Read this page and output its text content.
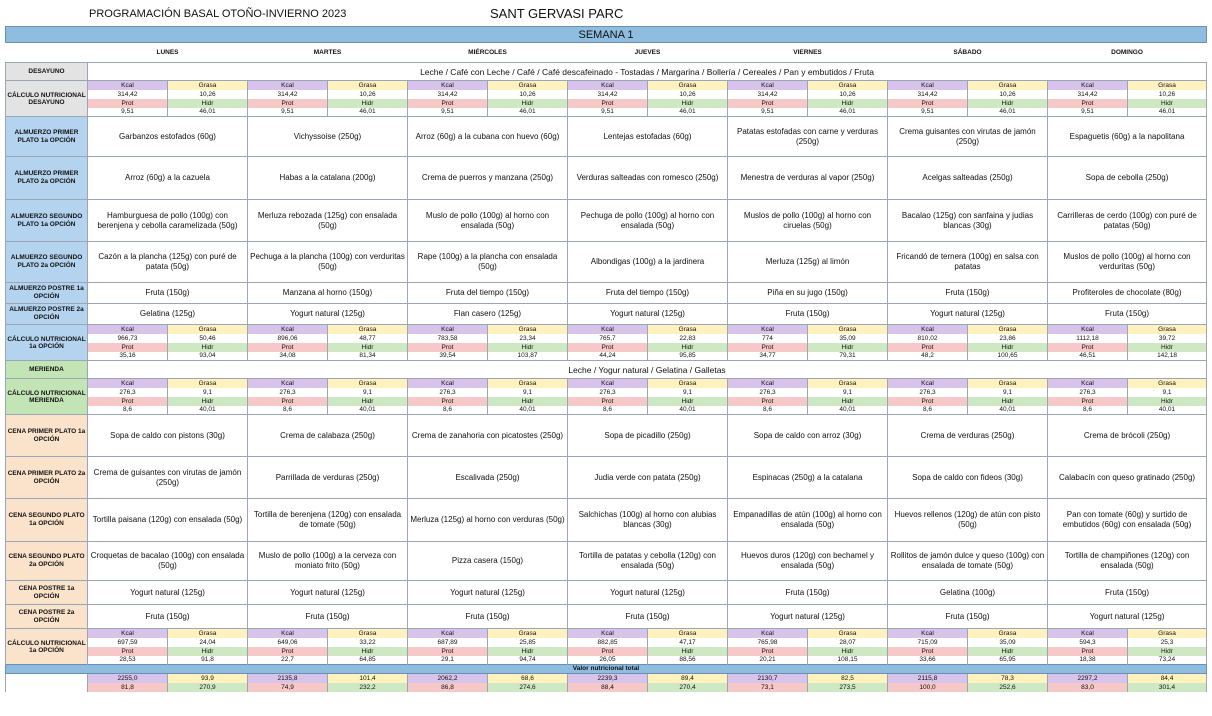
PROGRAMACIÓN BASAL OTOÑO-INVIERNO 2023	SANT GERVASI PARC
SEMANA 1														
	LUNES		MARTES		MIÉRCOLES		JUEVES		VIERNES		SÁBADO		DOMINGO	
DESAYUNO	Leche / Café con Leche / Café / Café descafeinado - Tostadas / Margarina / Bollería / Cereales / Pan y embutidos / Fruta													
CÁLCULO NUTRICIONAL DESAYUNO	Kcal	Grasa	Kcal	Grasa	Kcal	Grasa	Kcal	Grasa	Kcal	Grasa	Kcal	Grasa	Kcal	Grasa
	314,42	10,26	314,42	10,26	314,42	10,26	314,42	10,26	314,42	10,26	314,42	10,26	314,42	10,26
	Prot	Hidr	Prot	Hidr	Prot	Hidr	Prot	Hidr	Prot	Hidr	Prot	Hidr	Prot	Hidr
	9,51	46,01	9,51	46,01	9,51	46,01	9,51	46,01	9,51	46,01	9,51	46,01	9,51	46,01
ALMUERZO PRIMER PLATO 1a OPCIÓN	Garbanzos estofados (60g)		Vichyssoise (250g)		Arroz (60g) a la cubana con huevo (60g)		Lentejas estofadas (60g)		Patatas estofadas con carne y verduras (250g)		Crema guisantes con virutas de jamón (250g)		Espaguetis (60g) a la napolitana	
ALMUERZO PRIMER PLATO 2a OPCIÓN	Arroz (60g) a la cazuela		Habas a la catalana (200g)		Crema de puerros y manzana (250g)		Verduras salteadas con romesco (250g)		Menestra de verduras al vapor (250g)		Acelgas salteadas (250g)		Sopa de cebolla (250g)	
ALMUERZO SEGUNDO PLATO 1a OPCIÓN	Hamburguesa de pollo (100g) con berenjena y cebolla caramelizada (50g)		Merluza rebozada (125g) con ensalada (50g)		Muslo de pollo (100g) al horno con ensalada (50g)		Pechuga de pollo (100g) al horno con ensalada (50g)		Muslos de pollo (100g) al horno con ciruelas (50g)		Bacalao (125g) con sanfaina y judias blancas (30g)		Carrilleras de cerdo (100g) con puré de patatas (50g)	
ALMUERZO SEGUNDO PLATO 2a OPCIÓN	Cazón a la plancha (125g) con puré de patata (50g)		Pechuga a la plancha (100g) con verduritas (50g)		Rape (100g) a la plancha con ensalada (50g)		Albondigas (100g) a la jardinera		Merluza (125g) al limón		Fricandó de ternera (100g) en salsa con patatas		Muslos de pollo (100g) al horno con verduritas (50g)	
ALMUERZO POSTRE 1a OPCIÓN	Fruta (150g)		Manzana al horno (150g)		Fruta del tiempo (150g)		Fruta del tiempo (150g)		Piña en su jugo (150g)		Fruta (150g)		Profiteroles de chocolate (80g)	
ALMUERZO POSTRE 2a OPCIÓN	Gelatina (125g)		Yogurt natural (125g)		Flan casero (125g)		Yogurt natural (125g)		Fruta (150g)		Yogurt natural (125g)		Fruta (150g)	
CÁLCULO NUTRICIONAL 1a OPCIÓN	Kcal	Grasa	Kcal	Grasa	Kcal	Grasa	Kcal	Grasa	Kcal	Grasa	Kcal	Grasa	Kcal	Grasa
	966,73	50,46	896,06	48,77	783,58	23,34	765,7	22,83	774	35,09	810,02	23,86	1112,18	39,72
	Prot	Hidr	Prot	Hidr	Prot	Hidr	Prot	Hidr	Prot	Hidr	Prot	Hidr	Prot	Hidr
	35,16	93,04	34,08	81,34	39,54	103,87	44,24	95,85	34,77	79,31	48,2	100,65	46,51	142,18
MERIENDA	Leche / Yogur natural / Gelatina / Galletas													
CÁLCULO NUTRICIONAL MERIENDA	Kcal	Grasa	Kcal	Grasa	Kcal	Grasa	Kcal	Grasa	Kcal	Grasa	Kcal	Grasa	Kcal	Grasa
	276,3	9,1	276,3	9,1	276,3	9,1	276,3	9,1	276,3	9,1	276,3	9,1	276,3	9,1
	Prot	Hidr	Prot	Hidr	Prot	Hidr	Prot	Hidr	Prot	Hidr	Prot	Hidr	Prot	Hidr
	8,6	40,01	8,6	40,01	8,6	40,01	8,6	40,01	8,6	40,01	8,6	40,01	8,6	40,01
CENA PRIMER PLATO 1a OPCIÓN	Sopa de caldo con pistons (30g)		Crema de calabaza (250g)		Crema de zanahoria con picatostes (250g)		Sopa de picadillo (250g)		Sopa de caldo con arroz (30g)		Crema de verduras (250g)		Crema de brócoli (250g)	
CENA PRIMER PLATO 2a OPCIÓN	Crema de guisantes con virutas de jamón (250g)		Parrillada de verduras (250g)		Escalivada (250g)		Judia verde con patata (250g)		Espinacas (250g) a la catalana		Sopa de caldo con fideos (30g)		Calabacín con queso gratinado (250g)	
CENA SEGUNDO PLATO 1a OPCIÓN	Tortilla paisana (120g) con ensalada (50g)		Tortilla de berenjena (120g) con ensalada de tomate (50g)		Merluza (125g) al horno con verduras (50g)		Salchichas (100g) al horno con alubias blancas (30g)		Empanadillas de atún (100g) al horno con ensalada (50g)		Huevos rellenos (120g) de atún con pisto (50g)		Pan con tomate (60g) y surtido de embutidos (60g) con ensalada (50g)	
CENA SEGUNDO PLATO 2a OPCIÓN	Croquetas de bacalao (100g) con ensalada (50g)		Muslo de pollo (100g) a la cerveza con moniato frito (50g)		Pizza casera (150g)		Tortilla de patatas y cebolla (120g) con ensalada (50g)		Huevos duros (120g) con bechamel y ensalada (50g)		Rollitos de jamón dulce y queso (100g) con ensalada de tomate (50g)		Tortilla de champiñones (120g) con ensalada (50g)	
CENA POSTRE 1a OPCIÓN	Yogurt natural (125g)		Yogurt natural (125g)		Yogurt natural (125g)		Yogurt natural (125g)		Fruta (150g)		Gelatina (100g)		Fruta (150g)	
CENA POSTRE 2a OPCIÓN	Fruta (150g)		Fruta (150g)		Fruta (150g)		Fruta (150g)		Yogurt natural (125g)		Fruta (150g)		Yogurt natural (125g)	
CÁLCULO NUTRICIONAL 1a OPCIÓN	Kcal	Grasa	Kcal	Grasa	Kcal	Grasa	Kcal	Grasa	Kcal	Grasa	Kcal	Grasa	Kcal	Grasa
	697,59	24,04	649,06	33,22	687,89	25,85	882,85	47,17	765,98	28,07	715,09	35,09	594,3	25,3
	Prot	Hidr	Prot	Hidr	Prot	Hidr	Prot	Hidr	Prot	Hidr	Prot	Hidr	Prot	Hidr
	28,53	91,8	22,7	64,85	29,1	94,74	26,05	88,56	20,21	108,15	33,66	65,95	18,38	73,24
Valor nutricional total														
	2255,0	93,9	2135,8	101,4	2062,2	68,6	2239,3	89,4	2130,7	82,5	2115,8	78,3	2297,2	84,4
	81,8	270,9	74,9	232,2	86,8	274,6	88,4	270,4	73,1	273,5	100,0	252,6	83,0	301,4
